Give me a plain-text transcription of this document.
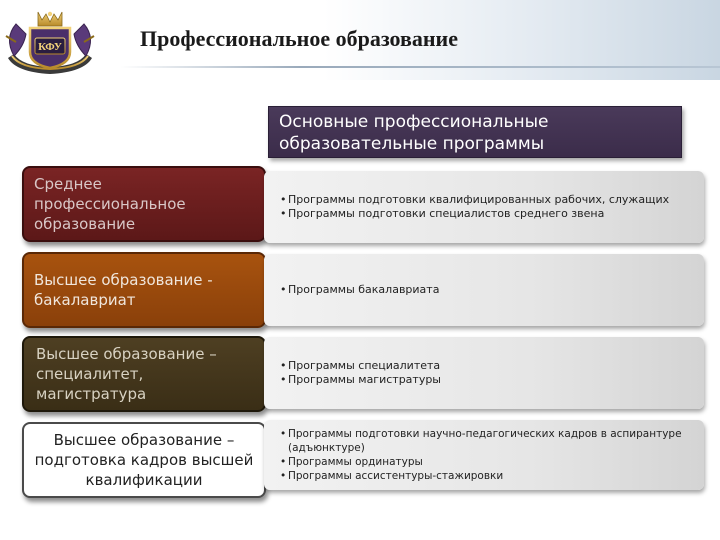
КФУ	Профессиональное образование
Основные профессиональные образовательные программы
Среднее профессиональное образование
• Программы подготовки квалифицированных рабочих, служащих
• Программы подготовки специалистов среднего звена
Высшее образование - бакалавриат
• Программы бакалавриата
Высшее образование – специалитет, магистратура
• Программы специалитета
• Программы магистратуры
Высшее образование – подготовка кадров высшей квалификации
• Программы подготовки научно-педагогических кадров в аспирантуре (адъюнктуре)
• Программы ординатуры
• Программы ассистентуры-стажировки
